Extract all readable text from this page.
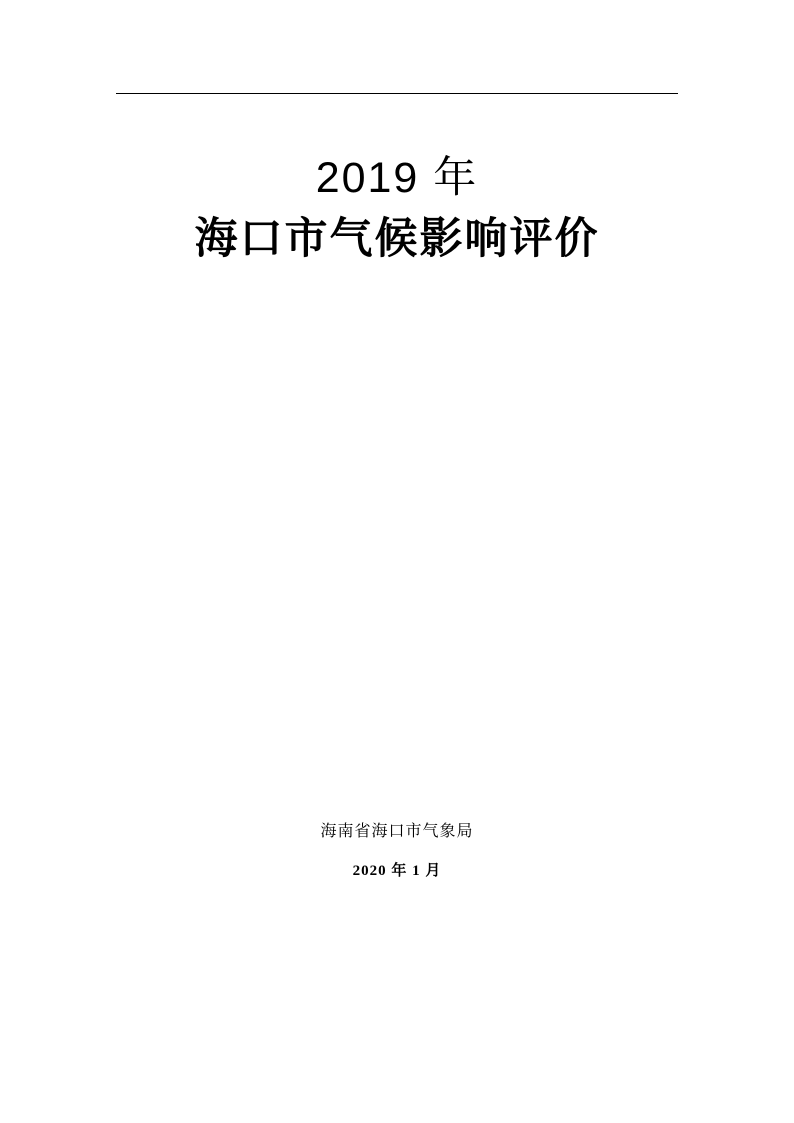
2019 年
海口市气候影响评价
海南省海口市气象局
2020 年 1 月
